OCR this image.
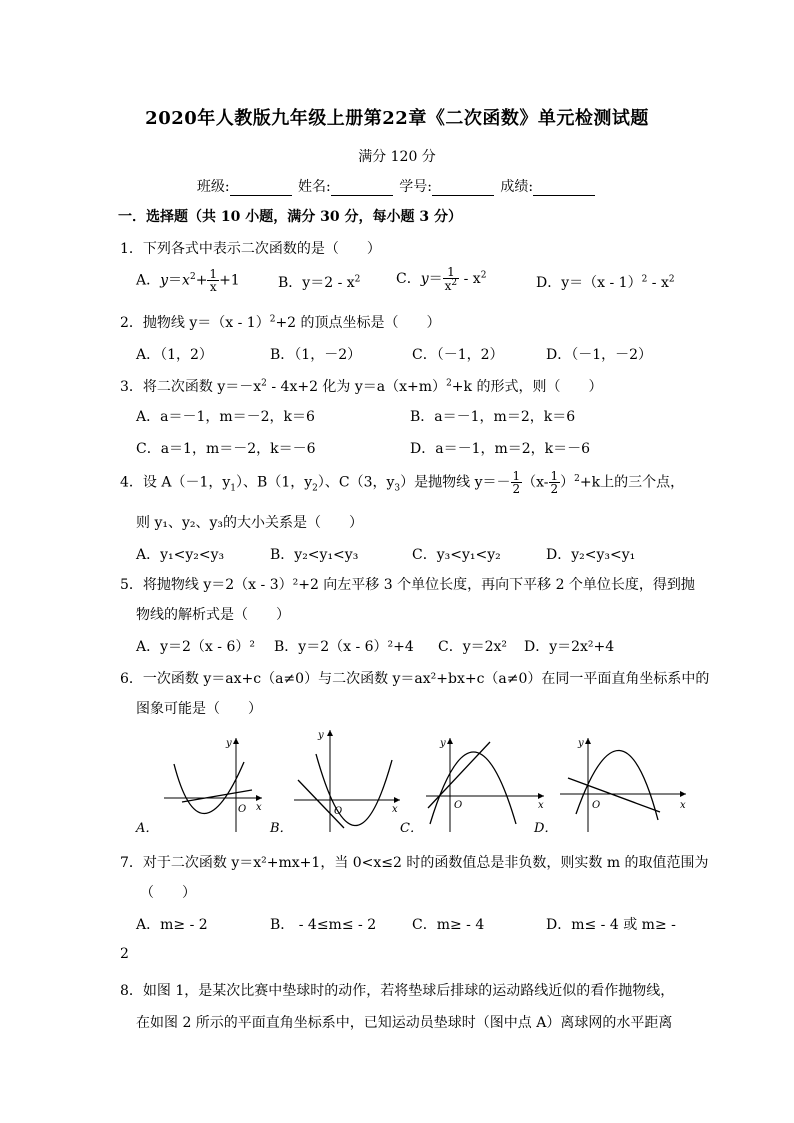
2020年人教版九年级上册第22章《二次函数》单元检测试题
满分 120 分
班级:	姓名:	学号:	成绩:
一．选择题（共 10 小题，满分 30 分，每小题 3 分）
1．下列各式中表示二次函数的是（　　）
A．$y=x^2+ \frac{1}{x} +1$	B．$y=2 - x^2$	C．$y= \frac{1}{x^2} - x^2$	D．$y=(x - 1)^2 - x^2$
2．抛物线 y＝（x - 1）$^2$+2 的顶点坐标是（　　）
A．（1，2）	B．（1，－2）	C．（－1，2）	D．（－1，－2）
3．将二次函数 $y=-x^2 - 4x+2$ 化为 $y=a(x+m)^2+k$ 的形式，则（　　）
A．a＝－1，m＝－2，k＝6	B．a＝－1，m＝2，k＝6
C．a＝1，m＝－2，k＝－6	D．a＝－1，m＝2，k＝－6
4．设 A（－1，$y_1$）、B（1，$y_2$）、C（3，$y_3$）是抛物线 $y=- \frac{1}{2} (x- \frac{1}{2} )^2+k$上的三个点，
则 y₁、y₂、y₃的大小关系是（　　）
A．y₁<y₂<y₃	B．y₂<y₁<y₃	C．y₃<y₁<y₂	D．y₂<y₃<y₁
5．将抛物线 y＝2（x - 3）²+2 向左平移 3 个单位长度，再向下平移 2 个单位长度，得到抛
物线的解析式是（　　）
A．y＝2（x - 6）² B．y＝2（x - 6）²+4 C．y＝2x² D．y＝2x²+4
6．一次函数 y＝ax+c（a≠0）与二次函数 y＝ax²+bx+c（a≠0）在同一平面直角坐标系中的
图象可能是（　　）
y
x
O
A．
y
x
O
B．
y
x
O
C．
y
x
O
D．
7．对于二次函数 y＝x²+mx+1，当 0<x≤2 时的函数值总是非负数，则实数 m 的取值范围为
（　　）
A．m≥ - 2	B． - 4≤m≤ - 2	C．m≥ - 4	D．m≤ - 4 或 m≥ -
2
8．如图 1，是某次比赛中垫球时的动作，若将垫球后排球的运动路线近似的看作抛物线，
在如图 2 所示的平面直角坐标系中，已知运动员垫球时（图中点 A）离球网的水平距离
